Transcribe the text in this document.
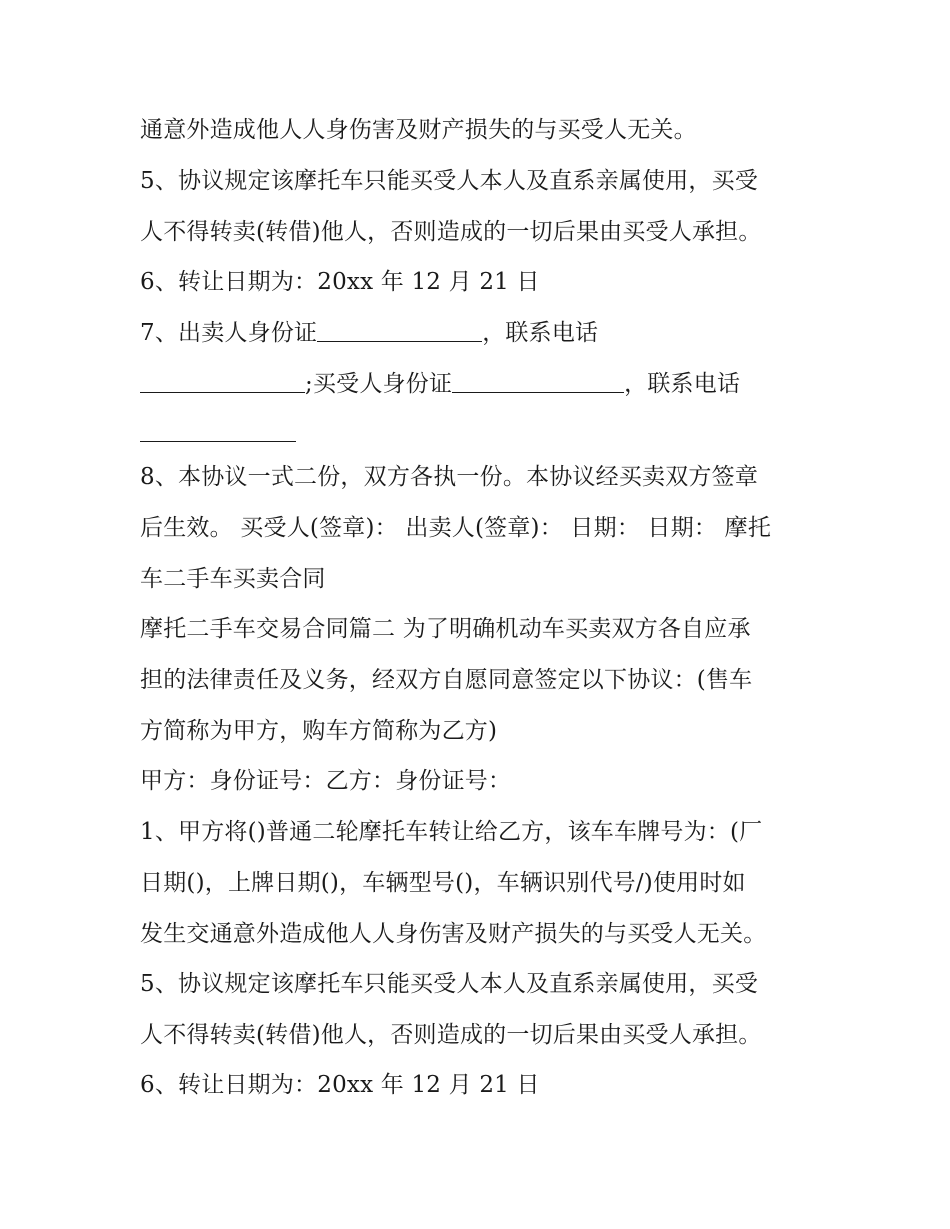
通意外造成他人人身伤害及财产损失的与买受人无关。
5、协议规定该摩托车只能买受人本人及直系亲属使用，买受
人不得转卖(转借)他人，否则造成的一切后果由买受人承担。
6、转让日期为：20xx 年 12 月 21 日
7、出卖人身份证	，联系电话
;买受人身份证	，联系电话
8、本协议一式二份，双方各执一份。本协议经买卖双方签章
后生效。 买受人(签章)： 出卖人(签章)： 日期： 日期： 摩托
车二手车买卖合同
摩托二手车交易合同篇二 为了明确机动车买卖双方各自应承
担的法律责任及义务，经双方自愿同意签定以下协议：(售车
方简称为甲方，购车方简称为乙方)
甲方：身份证号：乙方：身份证号：
1、甲方将()普通二轮摩托车转让给乙方，该车车牌号为：(厂
日期()，上牌日期()，车辆型号()，车辆识别代号/)使用时如
发生交通意外造成他人人身伤害及财产损失的与买受人无关。
5、协议规定该摩托车只能买受人本人及直系亲属使用，买受
人不得转卖(转借)他人，否则造成的一切后果由买受人承担。
6、转让日期为：20xx 年 12 月 21 日
